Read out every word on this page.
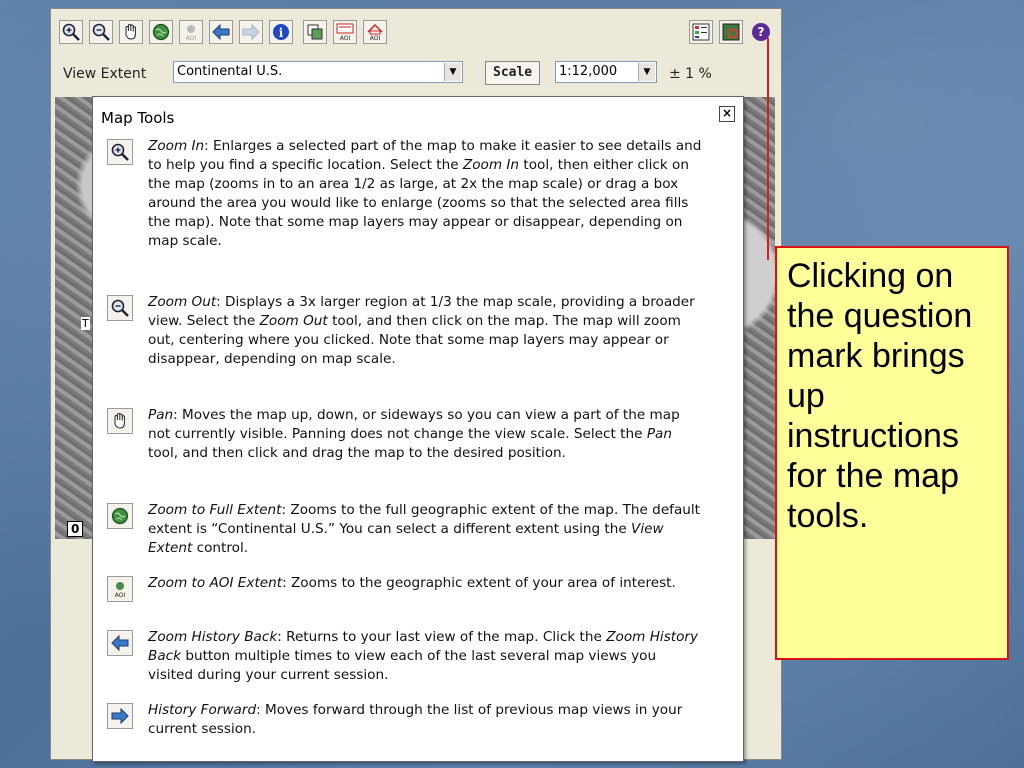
AOI	i	AOI	AOI	?
View Extent	Continental U.S.	▼	Scale	1:12,000	▼	± 1 %
T
0
Map Tools	×
Zoom In: Enlarges a selected part of the map to make it easier to see details and to help you find a specific location. Select the Zoom In tool, then either click on the map (zooms in to an area 1/2 as large, at 2x the map scale) or drag a box around the area you would like to enlarge (zooms so that the selected area fills the map). Note that some map layers may appear or disappear, depending on map scale.
Zoom Out: Displays a 3x larger region at 1/3 the map scale, providing a broader view. Select the Zoom Out tool, and then click on the map. The map will zoom out, centering where you clicked. Note that some map layers may appear or disappear, depending on map scale.
Pan: Moves the map up, down, or sideways so you can view a part of the map not currently visible. Panning does not change the view scale. Select the Pan tool, and then click and drag the map to the desired position.
Zoom to Full Extent: Zooms to the full geographic extent of the map. The default extent is “Continental U.S.” You can select a different extent using the View Extent control.
AOI
Zoom to AOI Extent: Zooms to the geographic extent of your area of interest.
Zoom History Back: Returns to your last view of the map. Click the Zoom History Back button multiple times to view each of the last several map views you visited during your current session.
History Forward: Moves forward through the list of previous map views in your current session.
Clicking on the question mark brings up instructions for the map tools.
